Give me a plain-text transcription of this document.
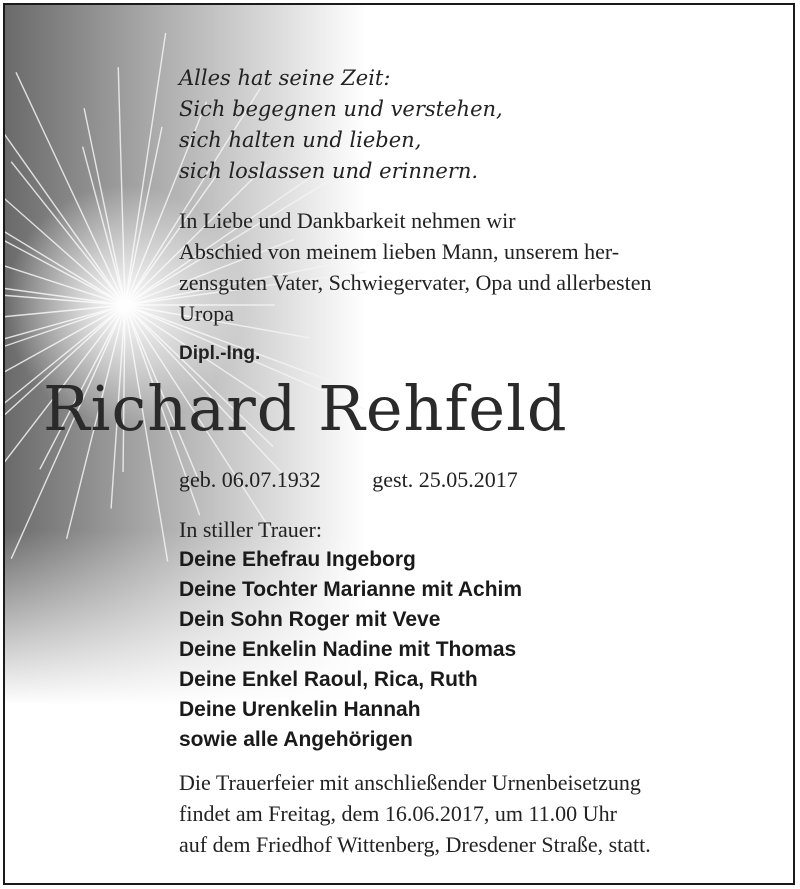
Alles hat seine Zeit:
Sich begegnen und verstehen,
sich halten und lieben,
sich loslassen und erinnern.
In Liebe und Dankbarkeit nehmen wir
Abschied von meinem lieben Mann, unserem her-
zensguten Vater, Schwiegervater, Opa und allerbesten
Uropa
Dipl.-Ing.
Richard Rehfeld
geb. 06.07.1932 gest. 25.05.2017
In stiller Trauer:
Deine Ehefrau Ingeborg
Deine Tochter Marianne mit Achim
Dein Sohn Roger mit Veve
Deine Enkelin Nadine mit Thomas
Deine Enkel Raoul, Rica, Ruth
Deine Urenkelin Hannah
sowie alle Angehörigen
Die Trauerfeier mit anschließender Urnenbeisetzung
findet am Freitag, dem 16.06.2017, um 11.00 Uhr
auf dem Friedhof Wittenberg, Dresdener Straße, statt.
